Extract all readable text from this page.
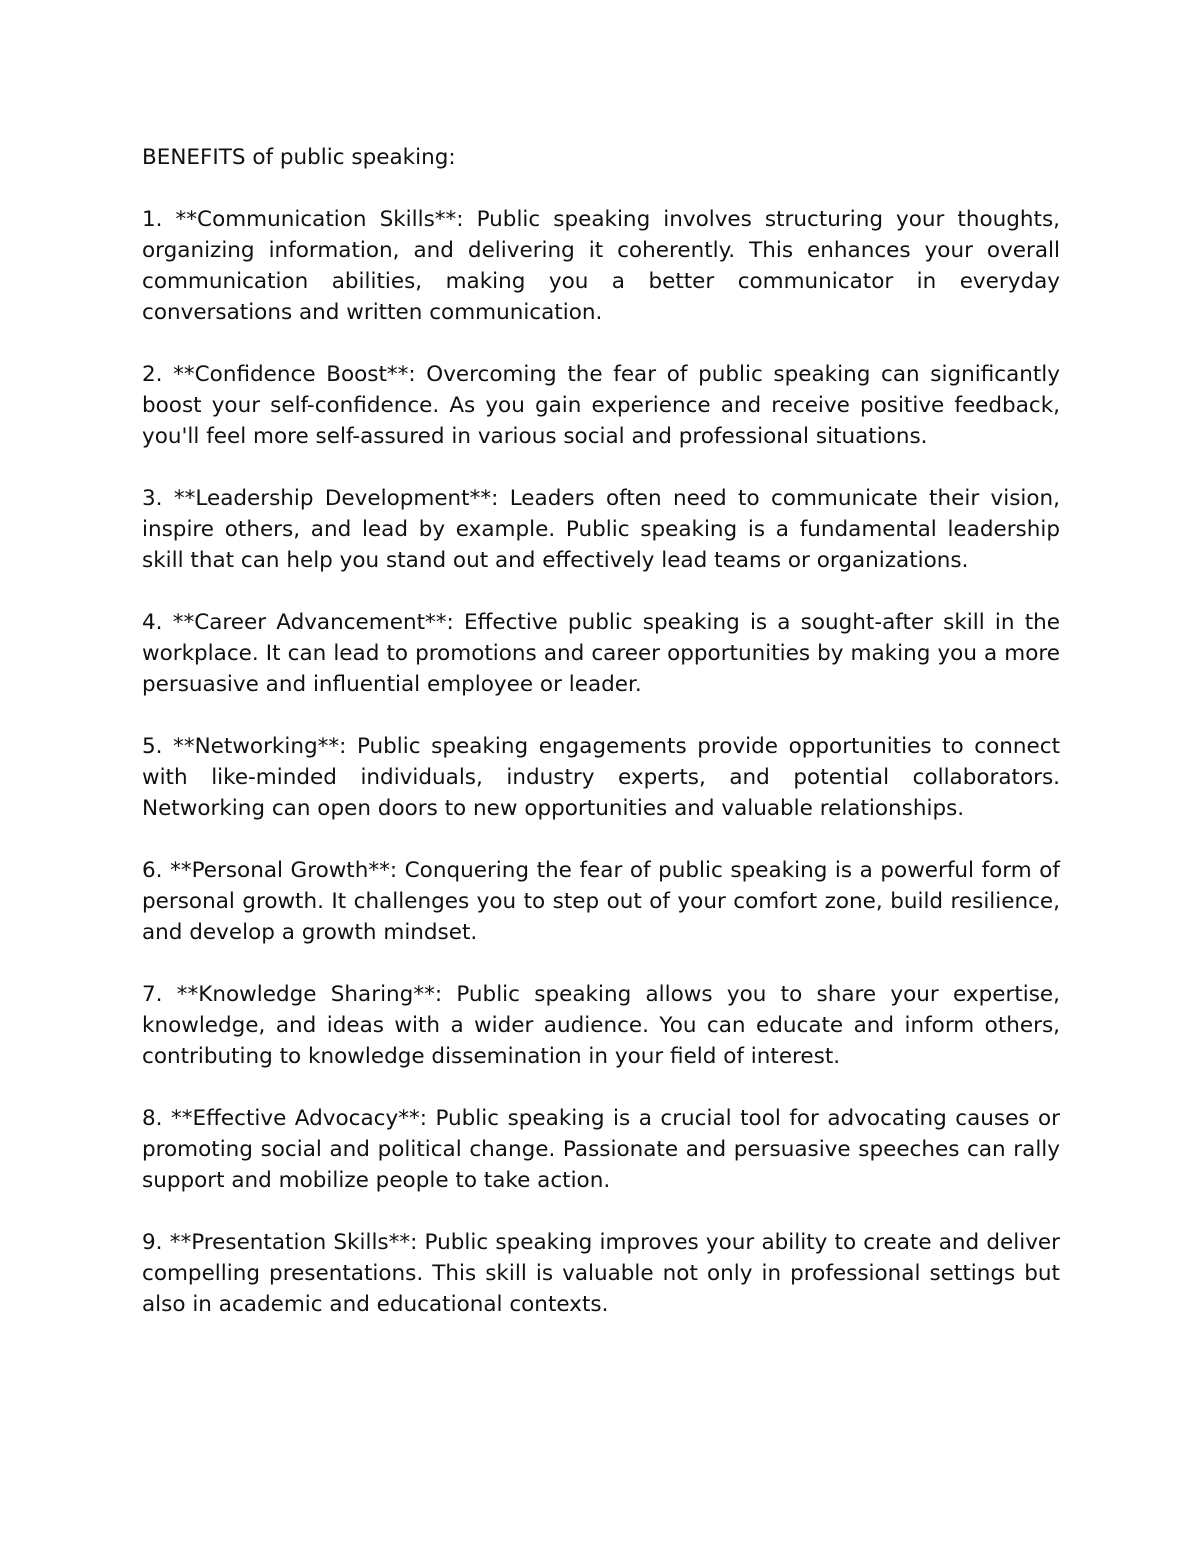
BENEFITS of public speaking:

1. **Communication Skills**: Public speaking involves structuring your thoughts, organizing information, and delivering it coherently. This enhances your overall communication abilities, making you a better communicator in everyday conversations and written communication.

2. **Confidence Boost**: Overcoming the fear of public speaking can significantly boost your self-confidence. As you gain experience and receive positive feedback, you'll feel more self-assured in various social and professional situations.

3. **Leadership Development**: Leaders often need to communicate their vision, inspire others, and lead by example. Public speaking is a fundamental leadership skill that can help you stand out and effectively lead teams or organizations.

4. **Career Advancement**: Effective public speaking is a sought-after skill in the workplace. It can lead to promotions and career opportunities by making you a more persuasive and influential employee or leader.

5. **Networking**: Public speaking engagements provide opportunities to connect with like-minded individuals, industry experts, and potential collaborators. Networking can open doors to new opportunities and valuable relationships.

6. **Personal Growth**: Conquering the fear of public speaking is a powerful form of personal growth. It challenges you to step out of your comfort zone, build resilience, and develop a growth mindset.

7. **Knowledge Sharing**: Public speaking allows you to share your expertise, knowledge, and ideas with a wider audience. You can educate and inform others, contributing to knowledge dissemination in your field of interest.

8. **Effective Advocacy**: Public speaking is a crucial tool for advocating causes or promoting social and political change. Passionate and persuasive speeches can rally support and mobilize people to take action.

9. **Presentation Skills**: Public speaking improves your ability to create and deliver compelling presentations. This skill is valuable not only in professional settings but also in academic and educational contexts.
